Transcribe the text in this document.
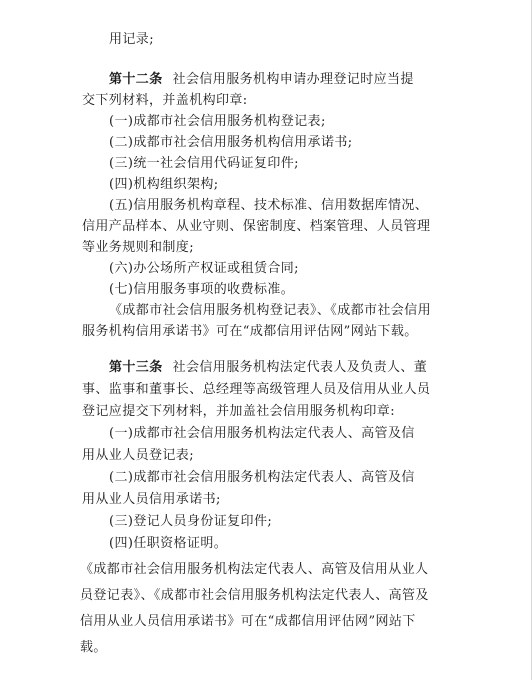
用记录;
第十二条 社会信用服务机构申请办理登记时应当提
交下列材料，并盖机构印章:
(一)成都市社会信用服务机构登记表;
(二)成都市社会信用服务机构信用承诺书;
(三)统一社会信用代码证复印件;
(四)机构组织架构;
(五)信用服务机构章程、技术标准、信用数据库情况、
信用产品样本、从业守则、保密制度、档案管理、人员管理
等业务规则和制度;
(六)办公场所产权证或租赁合同;
(七)信用服务事项的收费标准。
《成都市社会信用服务机构登记表》、《成都市社会信用
服务机构信用承诺书》可在“成都信用评估网”网站下载。
第十三条 社会信用服务机构法定代表人及负责人、董
事、监事和董事长、总经理等高级管理人员及信用从业人员
登记应提交下列材料，并加盖社会信用服务机构印章:
(一)成都市社会信用服务机构法定代表人、高管及信
用从业人员登记表;
(二)成都市社会信用服务机构法定代表人、高管及信
用从业人员信用承诺书;
(三)登记人员身份证复印件;
(四)任职资格证明。
《成都市社会信用服务机构法定代表人、高管及信用从业人
员登记表》、《成都市社会信用服务机构法定代表人、高管及
信用从业人员信用承诺书》可在“成都信用评估网”网站下
载。
